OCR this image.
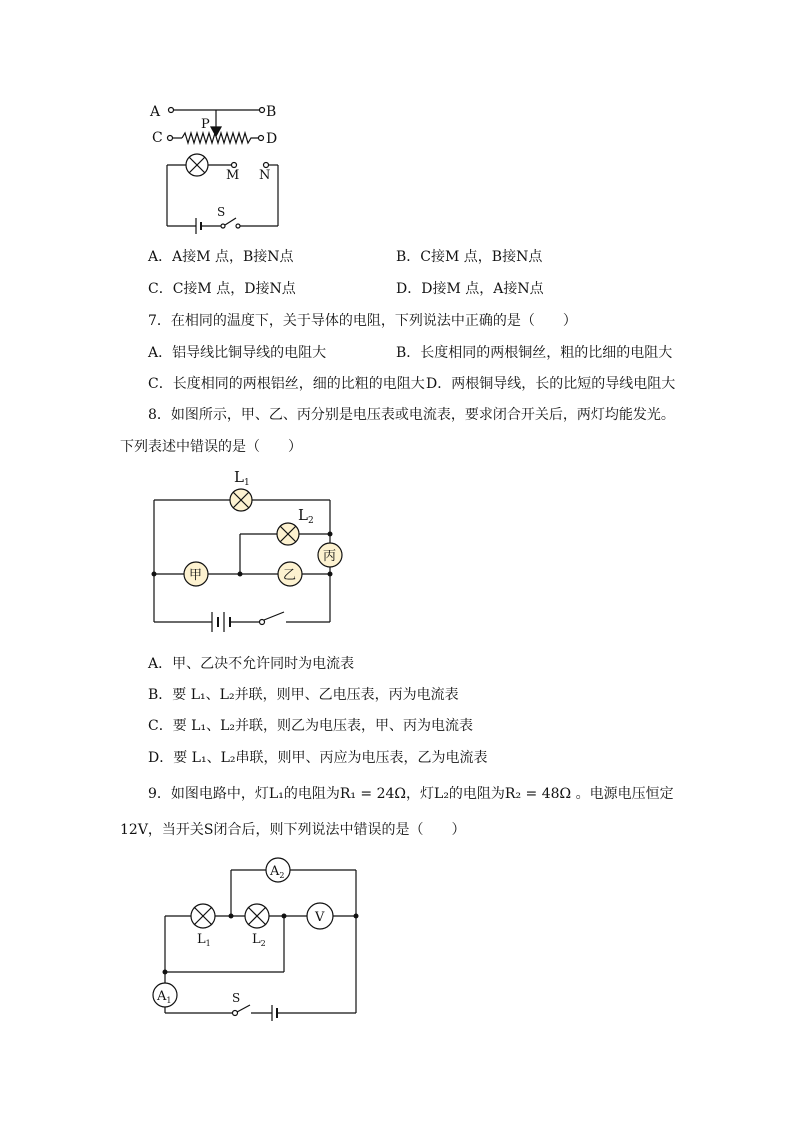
A	B
C	D
P
M N
S
A．A接M 点，B接N点	B．C接M 点，B接N点
C．C接M 点，D接N点	D．D接M 点，A接N点
7．在相同的温度下，关于导体的电阻，下列说法中正确的是（　　）
A．铝导线比铜导线的电阻大	B．长度相同的两根铜丝，粗的比细的电阻大
C．长度相同的两根铝丝，细的比粗的电阻大 D．两根铜导线，长的比短的导线电阻大
8．如图所示，甲、乙、丙分别是电压表或电流表，要求闭合开关后，两灯均能发光。
下列表述中错误的是（　　）
$L_1$
$L_2$
甲	乙
丙
A．甲、乙决不允许同时为电流表
B．要 L₁、L₂并联，则甲、乙电压表，丙为电流表
C．要 L₁、L₂并联，则乙为电压表，甲、丙为电流表
D．要 L₁、L₂串联，则甲、丙应为电压表，乙为电流表
9．如图电路中，灯L₁的电阻为R₁ = 24Ω，灯L₂的电阻为R₂ = 48Ω 。电源电压恒定
12V，当开关S闭合后，则下列说法中错误的是（　　）
$A_2$
$A_1$
V
$L_1$	$L_2$
S
